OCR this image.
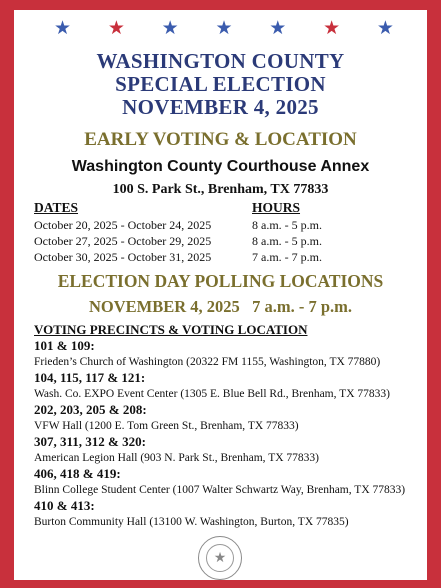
★ ★ ★ ★ ★ ★ ★
WASHINGTON COUNTY
SPECIAL ELECTION
NOVEMBER 4, 2025
EARLY VOTING & LOCATION
Washington County Courthouse Annex
100 S. Park St., Brenham, TX 77833
DATES	HOURS
October 20, 2025 - October 24, 2025	8 a.m. - 5 p.m.
October 27, 2025 - October 29, 2025	8 a.m. - 5 p.m.
October 30, 2025 - October 31, 2025	7 a.m. - 7 p.m.
ELECTION DAY POLLING LOCATIONS
NOVEMBER 4, 2025   7 a.m. - 7 p.m.
VOTING PRECINCTS & VOTING LOCATION
101 & 109:
Frieden’s Church of Washington (20322 FM 1155, Washington, TX 77880)
104, 115, 117 & 121:
Wash. Co. EXPO Event Center (1305 E. Blue Bell Rd., Brenham, TX 77833)
202, 203, 205 & 208:
VFW Hall (1200 E. Tom Green St., Brenham, TX 77833)
307, 311, 312 & 320:
American Legion Hall (903 N. Park St., Brenham, TX 77833)
406, 418 & 419:
Blinn College Student Center (1007 Walter Schwartz Way, Brenham, TX 77833)
410 & 413:
Burton Community Hall (13100 W. Washington, Burton, TX 77835)
★
